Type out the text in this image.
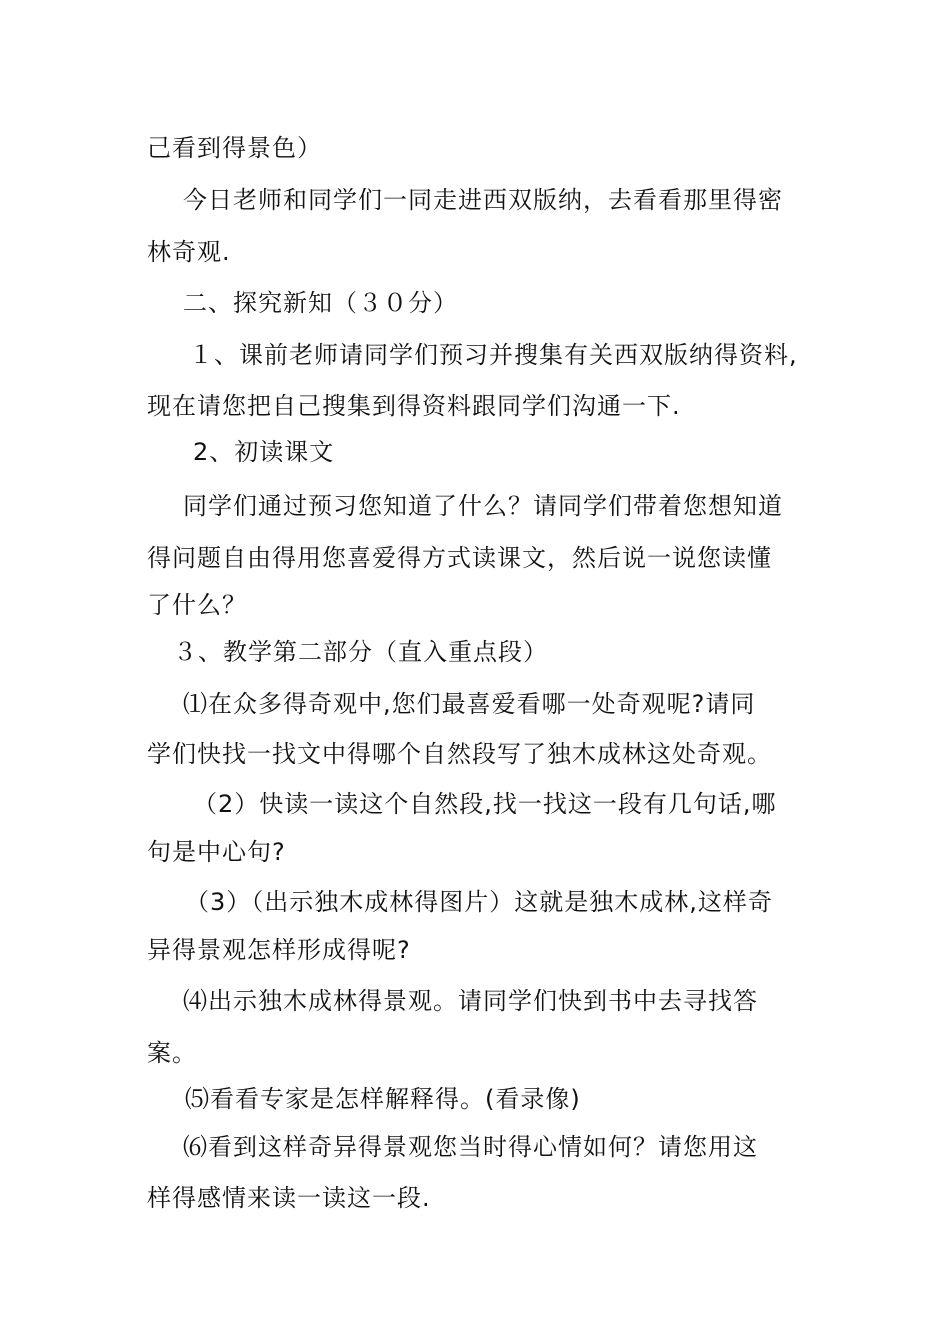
己看到得景色）
今日老师和同学们一同走进西双版纳，去看看那里得密
林奇观.
二、探究新知（３０分）
１、课前老师请同学们预习并搜集有关西双版纳得资料,
现在请您把自己搜集到得资料跟同学们沟通一下.
2、初读课文
同学们通过预习您知道了什么？请同学们带着您想知道
得问题自由得用您喜爱得方式读课文，然后说一说您读懂
了什么？
３、教学第二部分（直入重点段）
⑴在众多得奇观中,您们最喜爱看哪一处奇观呢?请同
学们快找一找文中得哪个自然段写了独木成林这处奇观。
（2）快读一读这个自然段,找一找这一段有几句话,哪
句是中心句?
（3）（出示独木成林得图片）这就是独木成林,这样奇
异得景观怎样形成得呢?
⑷出示独木成林得景观。请同学们快到书中去寻找答
案。
⑸看看专家是怎样解释得。(看录像)
⑹看到这样奇异得景观您当时得心情如何？请您用这
样得感情来读一读这一段.
